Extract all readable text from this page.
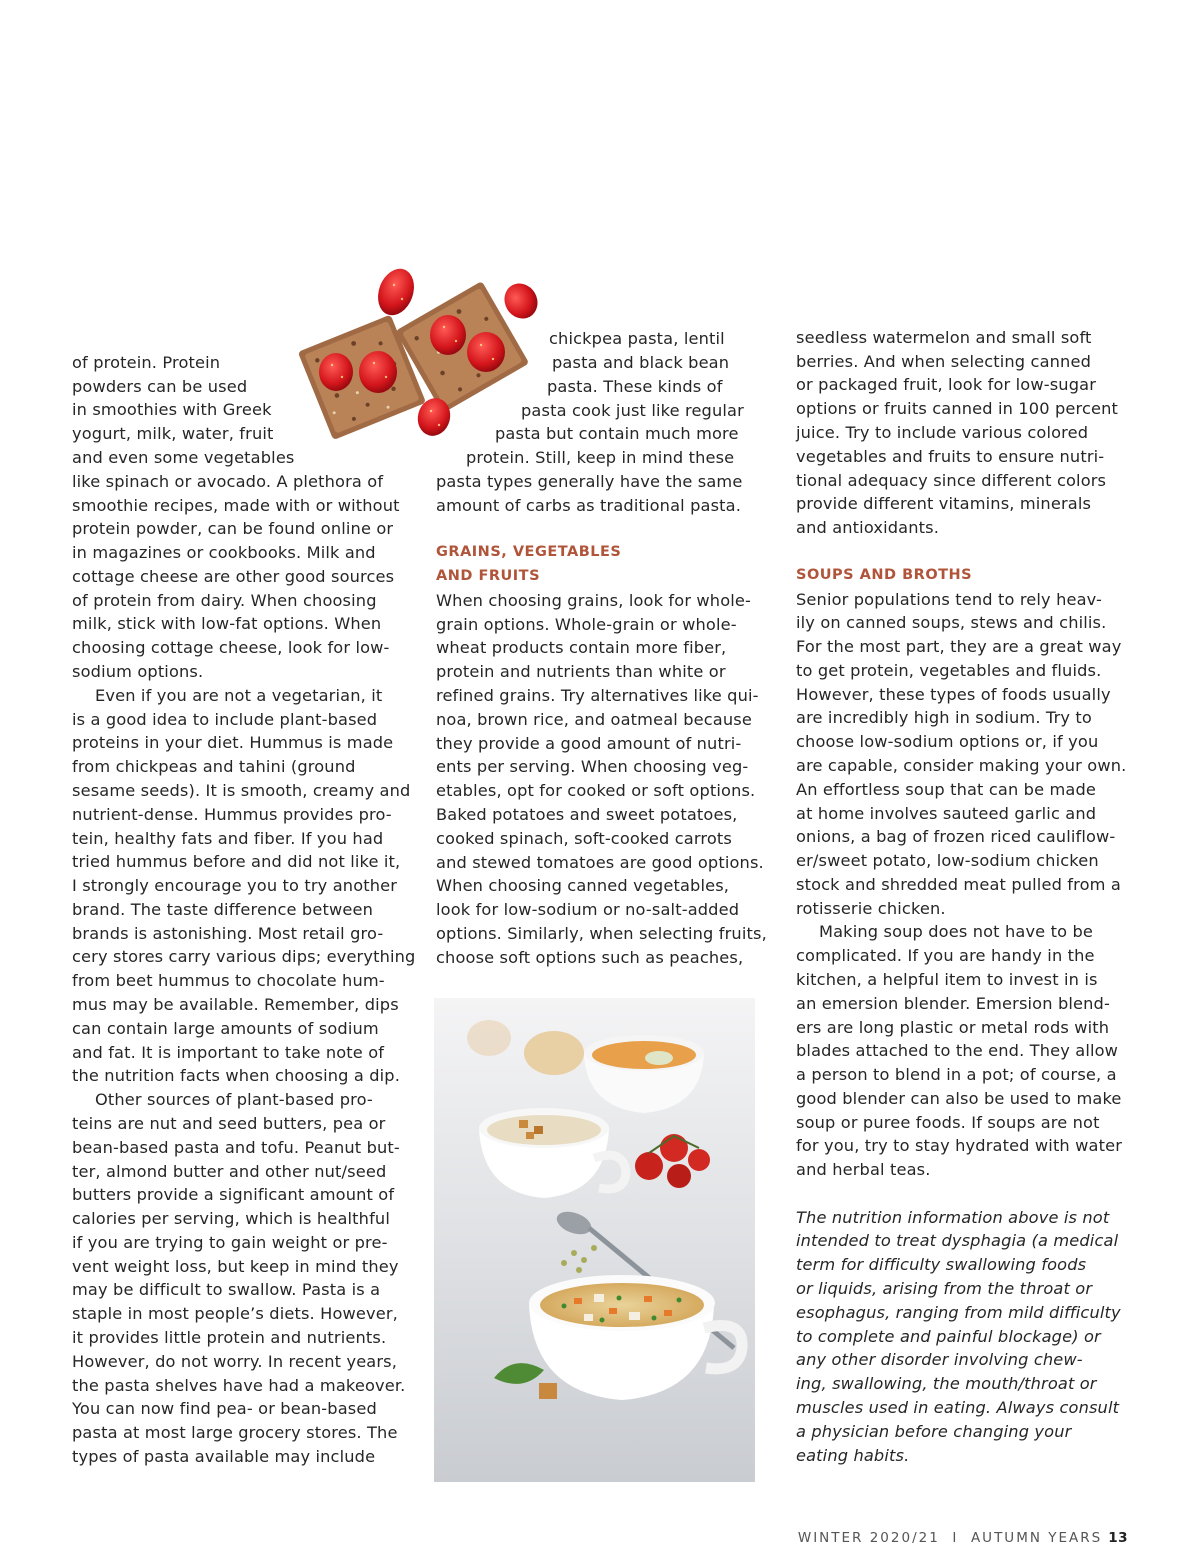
of protein. Protein

powders can be used

in smoothies with Greek

yogurt, milk, water, fruit

and even some vegetables

like spinach or avocado. A plethora of

smoothie recipes, made with or without

protein powder, can be found online or

in magazines or cookbooks. Milk and

cottage cheese are other good sources

of protein from dairy. When choosing

milk, stick with low-fat options. When

choosing cottage cheese, look for low-

sodium options.

Even if you are not a vegetarian, it

is a good idea to include plant-based

proteins in your diet. Hummus is made

from chickpeas and tahini (ground

sesame seeds). It is smooth, creamy and

nutrient-dense. Hummus provides pro-

tein, healthy fats and fiber. If you had

tried hummus before and did not like it,

I strongly encourage you to try another

brand. The taste difference between

brands is astonishing. Most retail gro-

cery stores carry various dips; everything

from beet hummus to chocolate hum-

mus may be available. Remember, dips

can contain large amounts of sodium

and fat. It is important to take note of

the nutrition facts when choosing a dip.

Other sources of plant-based pro-

teins are nut and seed butters, pea or

bean-based pasta and tofu. Peanut but-

ter, almond butter and other nut/seed

butters provide a significant amount of

calories per serving, which is healthful

if you are trying to gain weight or pre-

vent weight loss, but keep in mind they

may be difficult to swallow. Pasta is a

staple in most people’s diets. However,

it provides little protein and nutrients.

However, do not worry. In recent years,

the pasta shelves have had a makeover.

You can now find pea- or bean-based

pasta at most large grocery stores. The

types of pasta available may include

chickpea pasta, lentil

pasta and black bean

pasta. These kinds of

pasta cook just like regular

pasta but contain much more

protein. Still, keep in mind these

pasta types generally have the same

amount of carbs as traditional pasta.

GRAINS, VEGETABLES

AND FRUITS

When choosing grains, look for whole-

grain options. Whole-grain or whole-

wheat products contain more fiber,

protein and nutrients than white or

refined grains. Try alternatives like qui-

noa, brown rice, and oatmeal because

they provide a good amount of nutri-

ents per serving. When choosing veg-

etables, opt for cooked or soft options.

Baked potatoes and sweet potatoes,

cooked spinach, soft-cooked carrots

and stewed tomatoes are good options.

When choosing canned vegetables,

look for low-sodium or no-salt-added

options. Similarly, when selecting fruits,

choose soft options such as peaches,

seedless watermelon and small soft

berries. And when selecting canned

or packaged fruit, look for low-sugar

options or fruits canned in 100 percent

juice. Try to include various colored

vegetables and fruits to ensure nutri-

tional adequacy since different colors

provide different vitamins, minerals

and antioxidants.

SOUPS AND BROTHS

Senior populations tend to rely heav-

ily on canned soups, stews and chilis.

For the most part, they are a great way

to get protein, vegetables and fluids.

However, these types of foods usually

are incredibly high in sodium. Try to

choose low-sodium options or, if you

are capable, consider making your own.

An effortless soup that can be made

at home involves sauteed garlic and

onions, a bag of frozen riced cauliflow-

er/sweet potato, low-sodium chicken

stock and shredded meat pulled from a

rotisserie chicken.

Making soup does not have to be

complicated. If you are handy in the

kitchen, a helpful item to invest in is

an emersion blender. Emersion blend-

ers are long plastic or metal rods with

blades attached to the end. They allow

a person to blend in a pot; of course, a

good blender can also be used to make

soup or puree foods. If soups are not

for you, try to stay hydrated with water

and herbal teas.

The nutrition information above is not

intended to treat dysphagia (a medical

term for difficulty swallowing foods

or liquids, arising from the throat or

esophagus, ranging from mild difficulty

to complete and painful blockage) or

any other disorder involving chew-

ing, swallowing, the mouth/throat or

muscles used in eating. Always consult

a physician before changing your

eating habits.

WINTER 2020/21  I  AUTUMN YEARS 13
